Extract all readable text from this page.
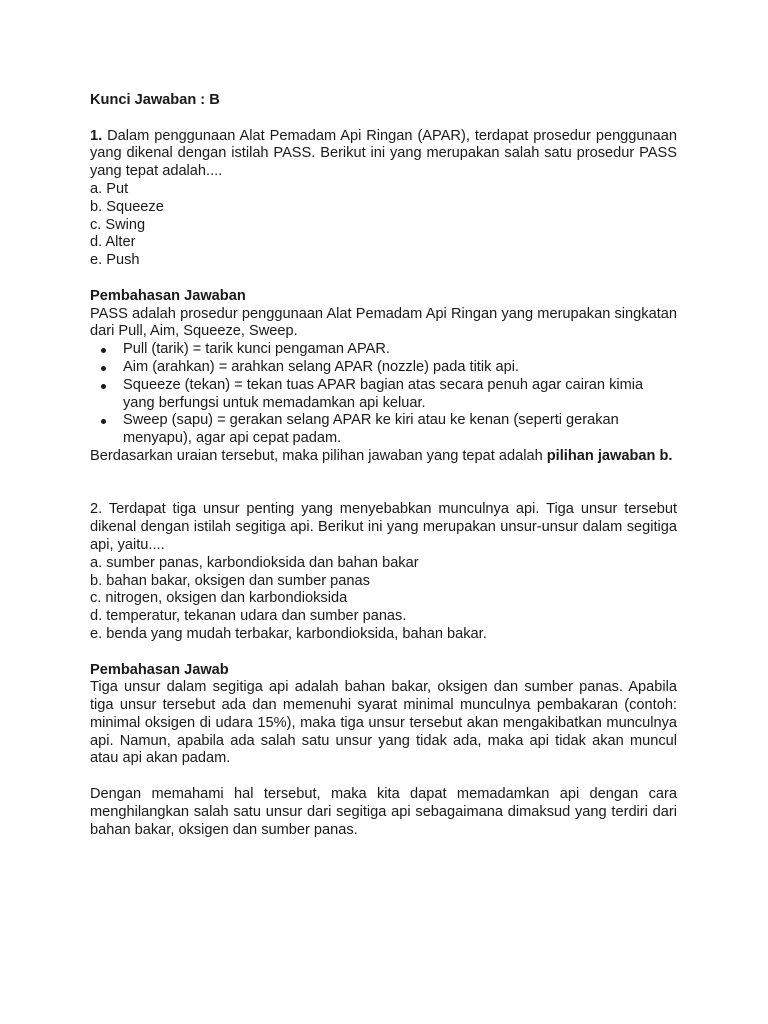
Kunci Jawaban : B

1. Dalam penggunaan Alat Pemadam Api Ringan (APAR), terdapat prosedur penggunaan yang dikenal dengan istilah PASS. Berikut ini yang merupakan salah satu prosedur PASS yang tepat adalah....

a. Put

b. Squeeze

c. Swing

d. Alter

e. Push

Pembahasan Jawaban

PASS adalah prosedur penggunaan Alat Pemadam Api Ringan yang merupakan singkatan dari Pull, Aim, Squeeze, Sweep.

Pull (tarik) = tarik kunci pengaman APAR.
Aim (arahkan) = arahkan selang APAR (nozzle) pada titik api.
Squeeze (tekan) = tekan tuas APAR bagian atas secara penuh agar cairan kimia yang berfungsi untuk memadamkan api keluar.
Sweep (sapu) = gerakan selang APAR ke kiri atau ke kenan (seperti gerakan menyapu), agar api cepat padam.

Berdasarkan uraian tersebut, maka pilihan jawaban yang tepat adalah pilihan jawaban b.

2. Terdapat tiga unsur penting yang menyebabkan munculnya api. Tiga unsur tersebut dikenal dengan istilah segitiga api. Berikut ini yang merupakan unsur-unsur dalam segitiga api, yaitu....

a. sumber panas, karbondioksida dan bahan bakar

b. bahan bakar, oksigen dan sumber panas

c. nitrogen, oksigen dan karbondioksida

d. temperatur, tekanan udara dan sumber panas.

e. benda yang mudah terbakar, karbondioksida, bahan bakar.

Pembahasan Jawab

Tiga unsur dalam segitiga api adalah bahan bakar, oksigen dan sumber panas. Apabila tiga unsur tersebut ada dan memenuhi syarat minimal munculnya pembakaran (contoh: minimal oksigen di udara 15%), maka tiga unsur tersebut akan mengakibatkan munculnya api. Namun, apabila ada salah satu unsur yang tidak ada, maka api tidak akan muncul atau api akan padam.

Dengan memahami hal tersebut, maka kita dapat memadamkan api dengan cara menghilangkan salah satu unsur dari segitiga api sebagaimana dimaksud yang terdiri dari bahan bakar, oksigen dan sumber panas.
